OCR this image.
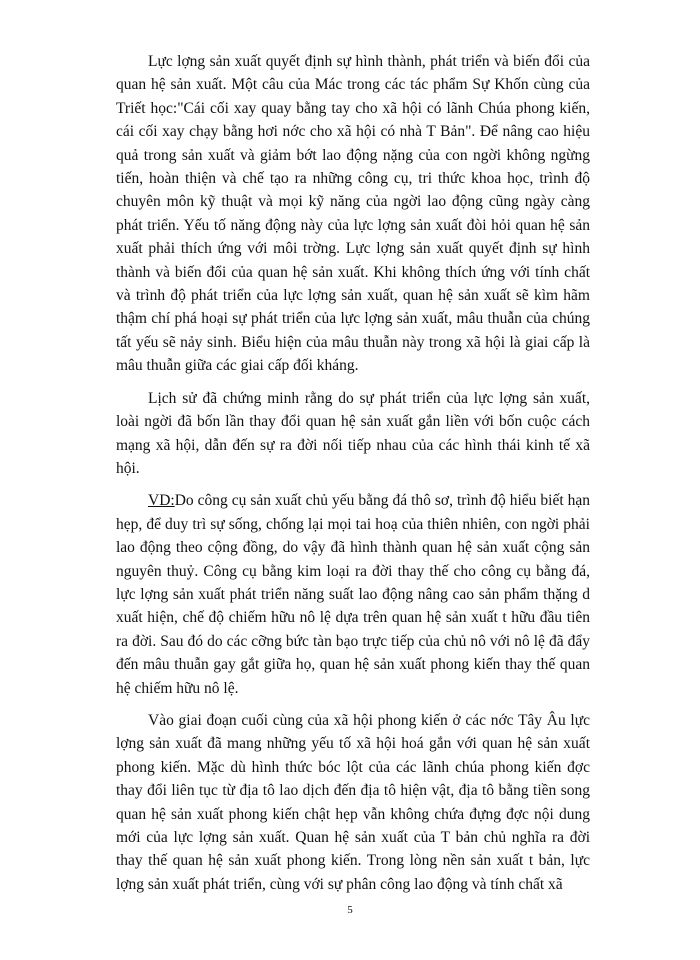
Lực lợng sản xuất quyết định sự hình thành, phát triển và biến đổi của quan hệ sản xuất. Một câu của Mác trong các tác phẩm Sự Khốn cùng của Triết học:"Cái cối xay quay bằng tay cho xã hội có lãnh Chúa phong kiến, cái cối xay chạy bằng hơi nớc cho xã hội có nhà T Bản". Để nâng cao hiệu quả trong sản xuất và giảm bớt lao động nặng của con ngời không ngừng tiến, hoàn thiện và chế tạo ra những công cụ, tri thức khoa học, trình độ chuyên môn kỹ thuật và mọi kỹ năng của ngời lao động cũng ngày càng phát triển. Yếu tố năng động này của lực lợng sản xuất đòi hỏi quan hệ sản xuất phải thích ứng với môi trờng. Lực lợng sản xuất quyết định sự hình thành và biến đổi của quan hệ sản xuất. Khi không thích ứng với tính chất và trình độ phát triển của lực lợng sản xuất, quan hệ sản xuất sẽ kìm hãm thậm chí phá hoại sự phát triển của lực lợng sản xuất, mâu thuẫn của chúng tất yếu sẽ nảy sinh. Biểu hiện của mâu thuẫn này trong xã hội là giai cấp là mâu thuẫn giữa các giai cấp đối kháng.

Lịch sử đã chứng minh rằng do sự phát triển của lực lợng sản xuất, loài ngời đã bốn lần thay đổi quan hệ sản xuất gắn liền với bốn cuộc cách mạng xã hội, dẫn đến sự ra đời nối tiếp nhau của các hình thái kinh tế xã hội.

VD:Do công cụ sản xuất chủ yếu bằng đá thô sơ, trình độ hiểu biết hạn hẹp, để duy trì sự sống, chống lại mọi tai hoạ của thiên nhiên, con ngời phải lao động theo cộng đồng, do vậy đã hình thành quan hệ sản xuất cộng sản nguyên thuỷ. Công cụ bằng kim loại ra đời thay thế cho công cụ bằng đá, lực lợng sản xuất phát triển năng suất lao động nâng cao sản phẩm thặng d xuất hiện, chế độ chiếm hữu nô lệ dựa trên quan hệ sản xuất t hữu đầu tiên ra đời. Sau đó do các cỡng bức tàn bạo trực tiếp của chủ nô với nô lệ đã đẩy đến mâu thuẫn gay gắt giữa họ, quan hệ sản xuất phong kiến thay thế quan hệ chiếm hữu nô lệ.

Vào giai đoạn cuối cùng của xã hội phong kiến ở các nớc Tây Âu lực lợng sản xuất đã mang những yếu tố xã hội hoá gắn với quan hệ sản xuất phong kiến. Mặc dù hình thức bóc lột của các lãnh chúa phong kiến đợc thay đổi liên tục từ địa tô lao dịch đến địa tô hiện vật, địa tô bằng tiền song quan hệ sản xuất phong kiến chật hẹp vẫn không chứa đựng đợc nội dung mới của lực lợng sản xuất. Quan hệ sản xuất của T bản chủ nghĩa ra đời thay thế quan hệ sản xuất phong kiến. Trong lòng nền sản xuất t bản, lực lợng sản xuất phát triển, cùng với sự phân công lao động và tính chất xã

5
